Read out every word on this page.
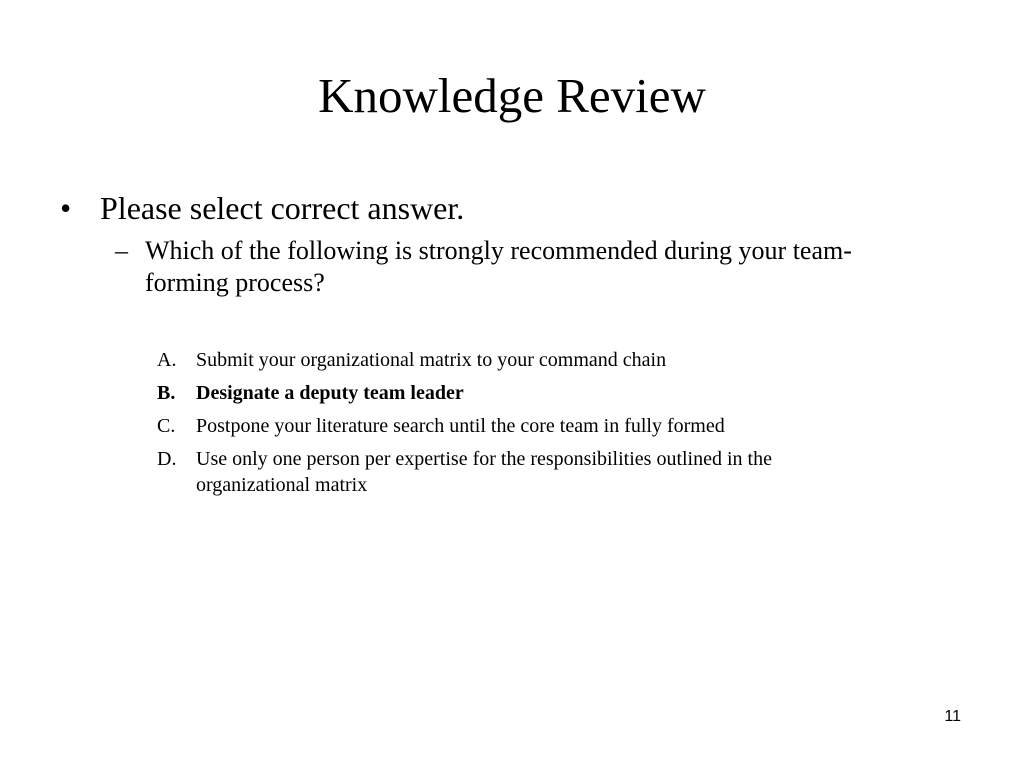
Knowledge Review
• Please select correct answer.
– Which of the following is strongly recommended during your team-forming process?
A. Submit your organizational matrix to your command chain
B. Designate a deputy team leader
C. Postpone your literature search until the core team in fully formed
D. Use only one person per expertise for the responsibilities outlined in the organizational matrix
11
